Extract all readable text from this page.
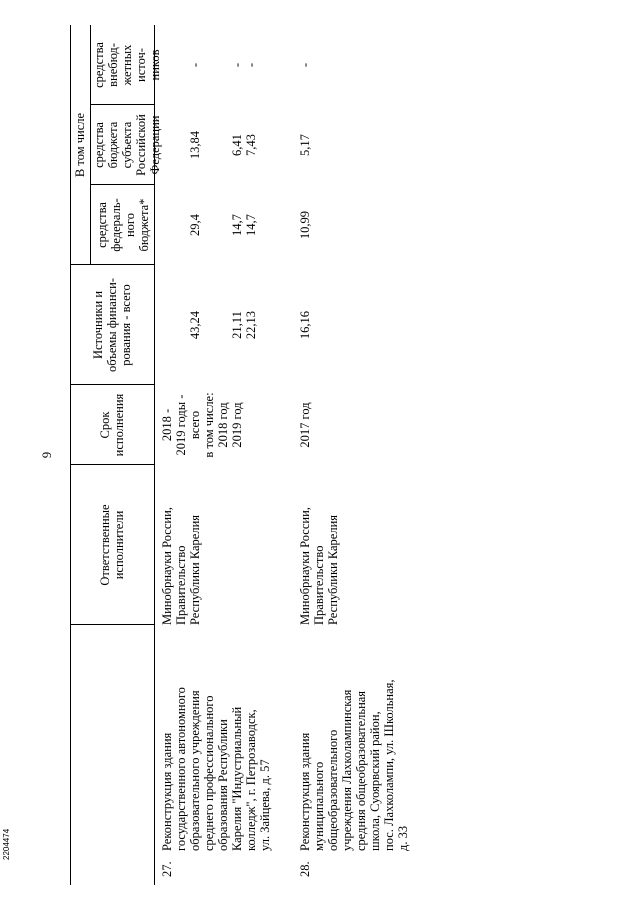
9
Ответственные исполнители
Срок исполнения
Источники и объемы финанси- рования - всего
В том числе
средства федераль- ного бюджета*
средства бюджета субъекта Российской Федерации
средства внебюд- жетных источ- ников
27.
Реконструкция здания государственного автономного образовательного учреждения среднего профессионального образования Республики Карелия "Индустриальный колледж", г. Петрозаводск, ул. Зайцева, д. 57
Минобрнауки России, Правительство Республики Карелия
2018 - 2019 годы - всего в том числе: 2018 год 2019 год
43,24 21,11 22,13
29,4 14,7 14,7
13,84 6,41 7,43
- - -
28.
Реконструкция здания муниципального общеобразовательного учреждения Лахколампинская средняя общеобразовательная школа, Суоярвский район, пос. Лахколампи, ул. Школьная, д. 33
Минобрнауки России, Правительство Республики Карелия
2017 год
16,16
10,99
5,17
-
2204474
